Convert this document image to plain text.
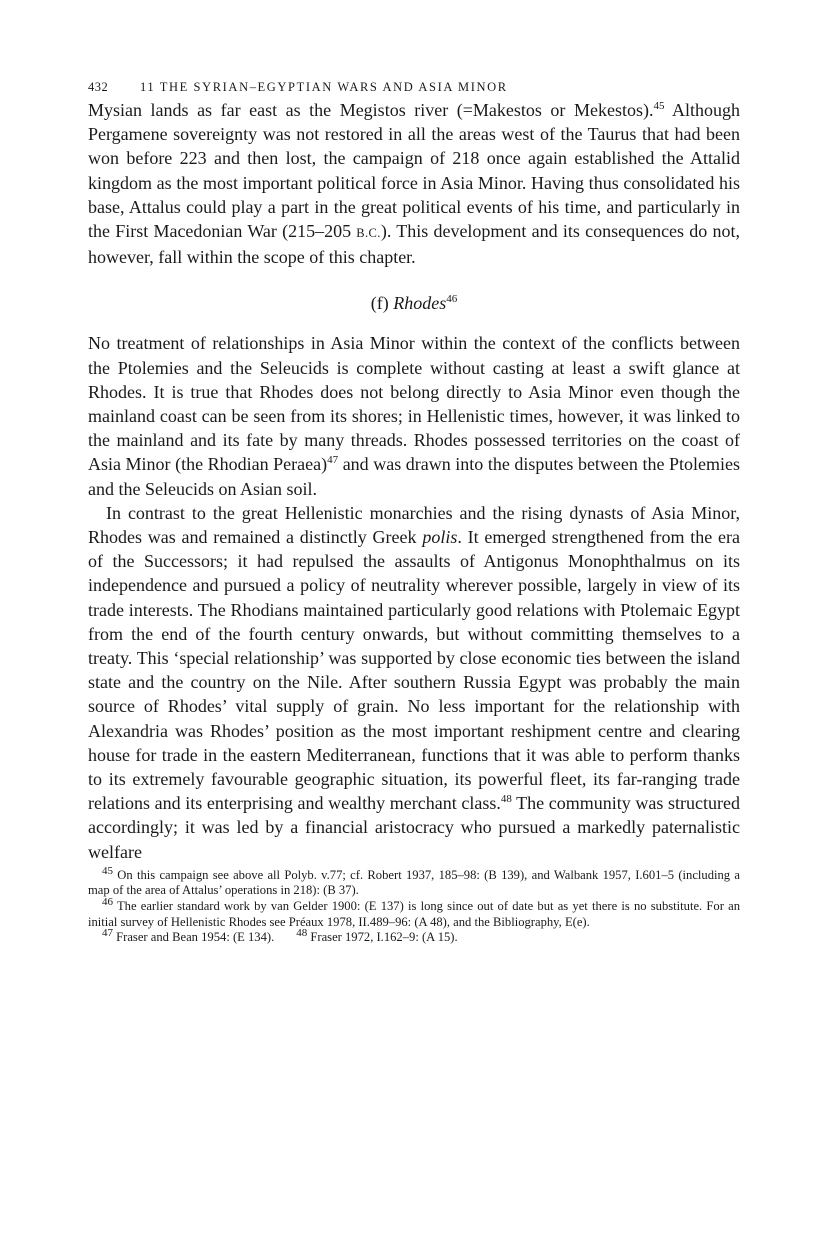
432	11 THE SYRIAN–EGYPTIAN WARS AND ASIA MINOR

Mysian lands as far east as the Megistos river (=Makestos or Mekestos).$^{45}$ Although Pergamene sovereignty was not restored in all the areas west of the Taurus that had been won before 223 and then lost, the campaign of 218 once again established the Attalid kingdom as the most important political force in Asia Minor. Having thus consolidated his base, Attalus could play a part in the great political events of his time, and particularly in the First Macedonian War (215–205 B.C.). This development and its consequences do not, however, fall within the scope of this chapter.

(f) Rhodes$^{46}$

No treatment of relationships in Asia Minor within the context of the conflicts between the Ptolemies and the Seleucids is complete without casting at least a swift glance at Rhodes. It is true that Rhodes does not belong directly to Asia Minor even though the mainland coast can be seen from its shores; in Hellenistic times, however, it was linked to the mainland and its fate by many threads. Rhodes possessed territories on the coast of Asia Minor (the Rhodian Peraea)$^{47}$ and was drawn into the disputes between the Ptolemies and the Seleucids on Asian soil.

In contrast to the great Hellenistic monarchies and the rising dynasts of Asia Minor, Rhodes was and remained a distinctly Greek polis. It emerged strengthened from the era of the Successors; it had repulsed the assaults of Antigonus Monophthalmus on its independence and pursued a policy of neutrality wherever possible, largely in view of its trade interests. The Rhodians maintained particularly good relations with Ptolemaic Egypt from the end of the fourth century onwards, but without committing themselves to a treaty. This ‘special relationship’ was supported by close economic ties between the island state and the country on the Nile. After southern Russia Egypt was probably the main source of Rhodes’ vital supply of grain. No less important for the relationship with Alexandria was Rhodes’ position as the most important reshipment centre and clearing house for trade in the eastern Mediterranean, functions that it was able to perform thanks to its extremely favourable geographic situation, its powerful fleet, its far-ranging trade relations and its enterprising and wealthy merchant class.$^{48}$ The community was structured accordingly; it was led by a financial aristocracy who pursued a markedly paternalistic welfare

$^{45}$ On this campaign see above all Polyb. v.77; cf. Robert 1937, 185–98: (B 139), and Walbank 1957, I.601–5 (including a map of the area of Attalus’ operations in 218): (B 37).

$^{46}$ The earlier standard work by van Gelder 1900: (E 137) is long since out of date but as yet there is no substitute. For an initial survey of Hellenistic Rhodes see Préaux 1978, II.489–96: (A 48), and the Bibliography, E(e).

$^{47}$ Fraser and Bean 1954: (E 134). $^{48}$ Fraser 1972, I.162–9: (A 15).
